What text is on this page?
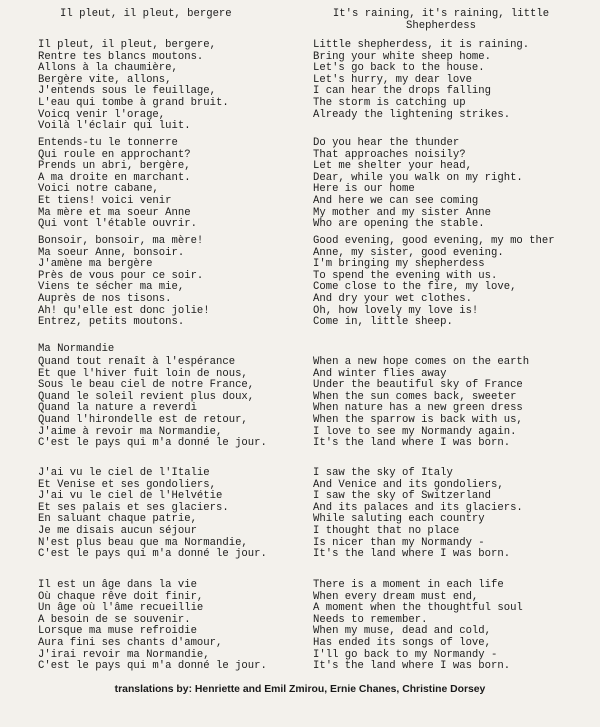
Il pleut, il pleut, bergere	It's raining, it's raining, little
Shepherdess
Ma Normandie
Il pleut, il pleut, bergere,
Rentre tes blancs moutons.
Allons à la chaumière,
Bergère vite, allons,
J'entends sous le feuillage,
L'eau qui tombe à grand bruit.
Voicq venir l'orage,
Voilà l'éclair qui luit.
Little shepherdess, it is raining.
Bring your white sheep home.
Let's go back to the house.
Let's hurry, my dear love
I can hear the drops falling
The storm is catching up
Already the lightening strikes.
Entends-tu le tonnerre
Qui roule en approchant?
Prends un abri, bergère,
A ma droite en marchant.
Voici notre cabane,
Et tiens! voici venir
Ma mère et ma soeur Anne
Qui vont l'étable ouvrir.
Do you hear the thunder
That approaches noisily?
Let me shelter your head,
Dear, while you walk on my right.
Here is our home
And here we can see coming
My mother and my sister Anne
Who are opening the stable.
Bonsoir, bonsoir, ma mère!
Ma soeur Anne, bonsoir.
J'amène ma bergère
Près de vous pour ce soir.
Viens te sécher ma mie,
Auprès de nos tisons.
Ah! qu'elle est donc jolie!
Entrez, petits moutons.
Good evening, good evening, my mo ther
Anne, my sister, good evening.
I'm bringing my shepherdess
To spend the evening with us.
Come close to the fire, my love,
And dry your wet clothes.
Oh, how lovely my love is!
Come in, little sheep.
Quand tout renaît à l'espérance
Et que l'hiver fuit loin de nous,
Sous le beau ciel de notre France,
Quand le soleil revient plus doux,
Quand la nature a reverdi
Quand l'hirondelle est de retour,
J'aime à revoir ma Normandie,
C'est le pays qui m'a donné le jour.
When a new hope comes on the earth
And winter flies away
Under the beautiful sky of France
When the sun comes back, sweeter
When nature has a new green dress
When the sparrow is back with us,
I love to see my Normandy again.
It's the land where I was born.
J'ai vu le ciel de l'Italie
Et Venise et ses gondoliers,
J'ai vu le ciel de l'Helvétie
Et ses palais et ses glaciers.
En saluant chaque patrie,
Je me disais aucun séjour
N'est plus beau que ma Normandie,
C'est le pays qui m'a donné le jour.
I saw the sky of Italy
And Venice and its gondoliers,
I saw the sky of Switzerland
And its palaces and its glaciers.
While saluting each country
I thought that no place
Is nicer than my Normandy -
It's the land where I was born.
Il est un âge dans la vie
Où chaque rêve doit finir,
Un âge où l'âme recueillie
A besoin de se souvenir.
Lorsque ma muse refroidie
Aura fini ses chants d'amour,
J'irai revoir ma Normandie,
C'est le pays qui m'a donné le jour.
There is a moment in each life
When every dream must end,
A moment when the thoughtful soul
Needs to remember.
When my muse, dead and cold,
Has ended its songs of love,
I'll go back to my Normandy -
It's the land where I was born.
translations by: Henriette and Emil Zmirou, Ernie Chanes, Christine Dorsey
